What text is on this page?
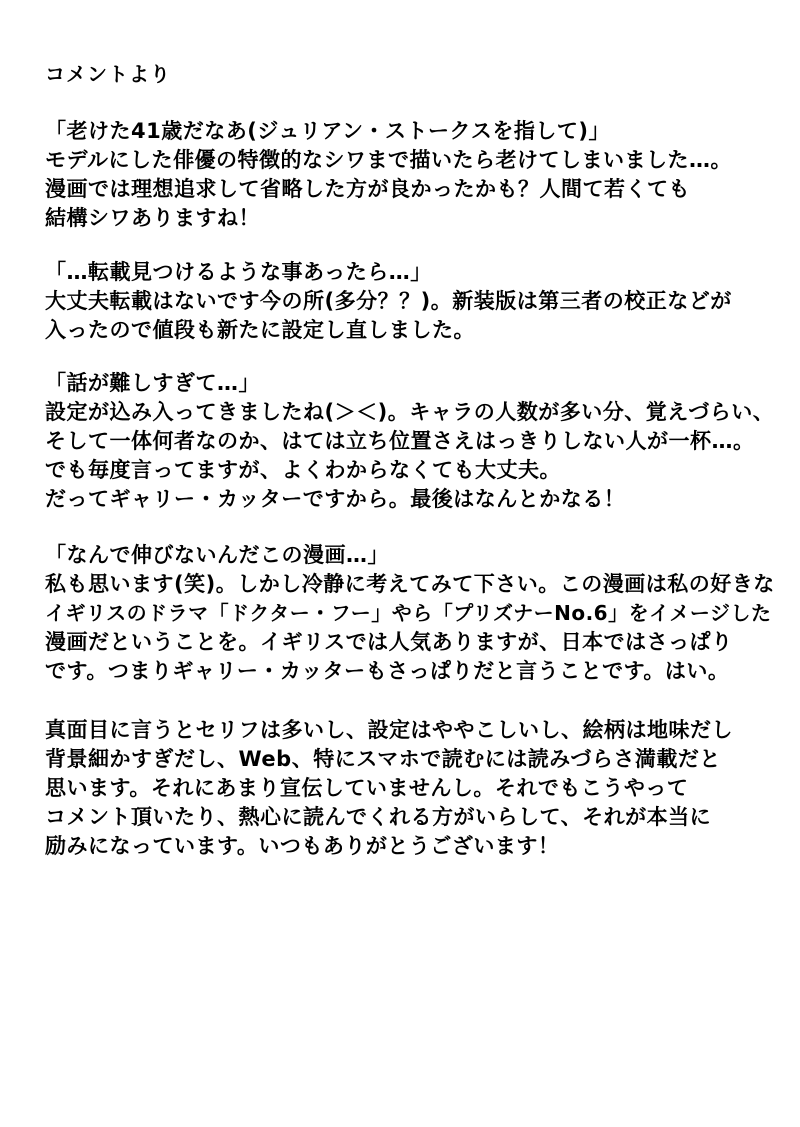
コメントより
「老けた41歳だなあ(ジュリアン・ストークスを指して)」
モデルにした俳優の特徴的なシワまで描いたら老けてしまいました…。
漫画では理想追求して省略した方が良かったかも？人間て若くても
結構シワありますね！
「…転載見つけるような事あったら…」
大丈夫転載はないです今の所(多分？？)。新装版は第三者の校正などが
入ったので値段も新たに設定し直しました。
「話が難しすぎて…」
設定が込み入ってきましたね(＞＜)。キャラの人数が多い分、覚えづらい、
そして一体何者なのか、はては立ち位置さえはっきりしない人が一杯…。
でも毎度言ってますが、よくわからなくても大丈夫。
だってギャリー・カッターですから。最後はなんとかなる！
「なんで伸びないんだこの漫画…」
私も思います(笑)。しかし冷静に考えてみて下さい。この漫画は私の好きな
イギリスのドラマ「ドクター・フー」やら「プリズナーNo.6」をイメージした
漫画だということを。イギリスでは人気ありますが、日本ではさっぱり
です。つまりギャリー・カッターもさっぱりだと言うことです。はい。
真面目に言うとセリフは多いし、設定はややこしいし、絵柄は地味だし
背景細かすぎだし、Web、特にスマホで読むには読みづらさ満載だと
思います。それにあまり宣伝していませんし。それでもこうやって
コメント頂いたり、熱心に読んでくれる方がいらして、それが本当に
励みになっています。いつもありがとうございます！
